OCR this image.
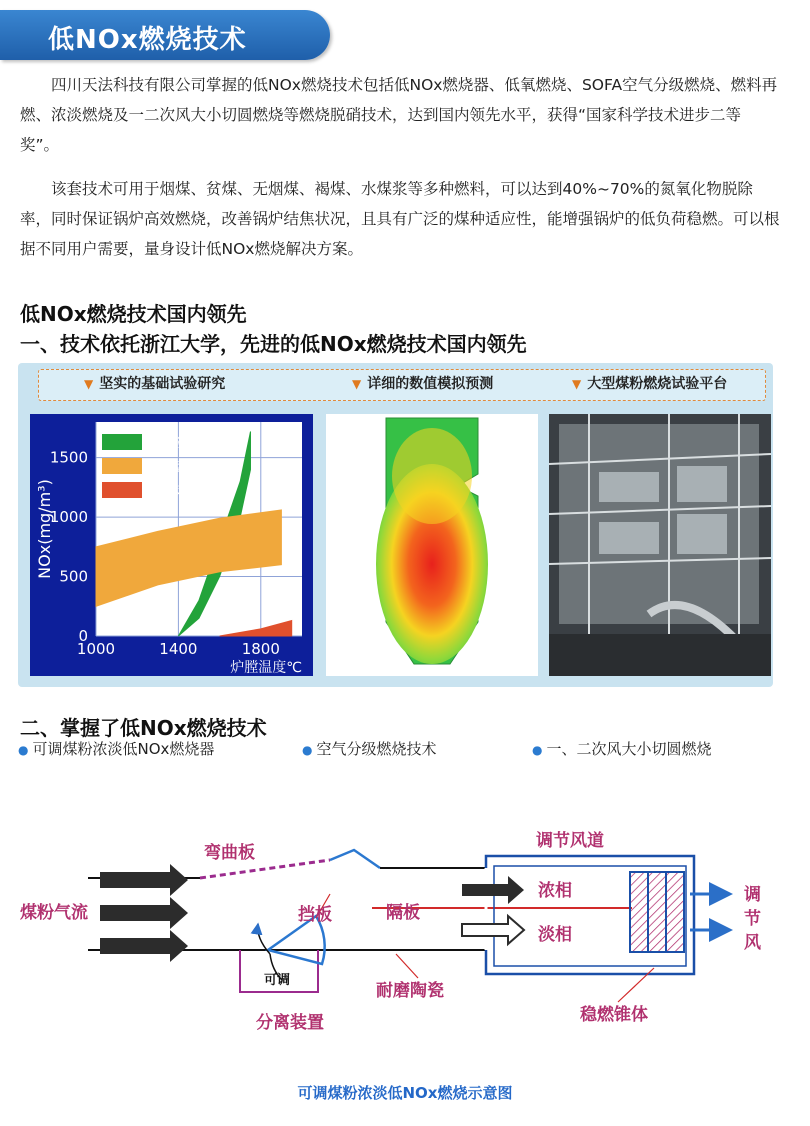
低NOx燃烧技术
四川天法科技有限公司掌握的低NOx燃烧技术包括低NOx燃烧器、低氧燃烧、SOFA空气分级燃烧、燃料再燃、浓淡燃烧及一二次风大小切圆燃烧等燃烧脱硝技术，达到国内领先水平，获得“国家科学技术进步二等奖”。
该套技术可用于烟煤、贫煤、无烟煤、褐煤、水煤浆等多种燃料，可以达到40%~70%的氮氧化物脱除率，同时保证锅炉高效燃烧，改善锅炉结焦状况，且具有广泛的煤种适应性，能增强锅炉的低负荷稳燃。可以根据不同用户需要，量身设计低NOx燃烧解决方案。
低NOx燃烧技术国内领先
一、技术依托浙江大学，先进的低NOx燃烧技术国内领先
▼ 坚实的基础试验研究	▼ 详细的数值模拟预测	▼ 大型煤粉燃烧试验平台
热反应NOx
燃料型NOx
瞬时反应型NOx
0
500
1000
1500
1000	1400	1800
NOx(mg/m³)
炉膛温度℃
二、掌握了低NOx燃烧技术
● 可调煤粉浓淡低NOx燃烧器	● 空气分级燃烧技术	● 一、二次风大小切圆燃烧
煤粉气流
弯曲板
挡板
可调
分离装置
隔板
耐磨陶瓷
调节风道
浓相
淡相
稳燃锥体
调
节
风
可调煤粉浓淡低NOx燃烧示意图
